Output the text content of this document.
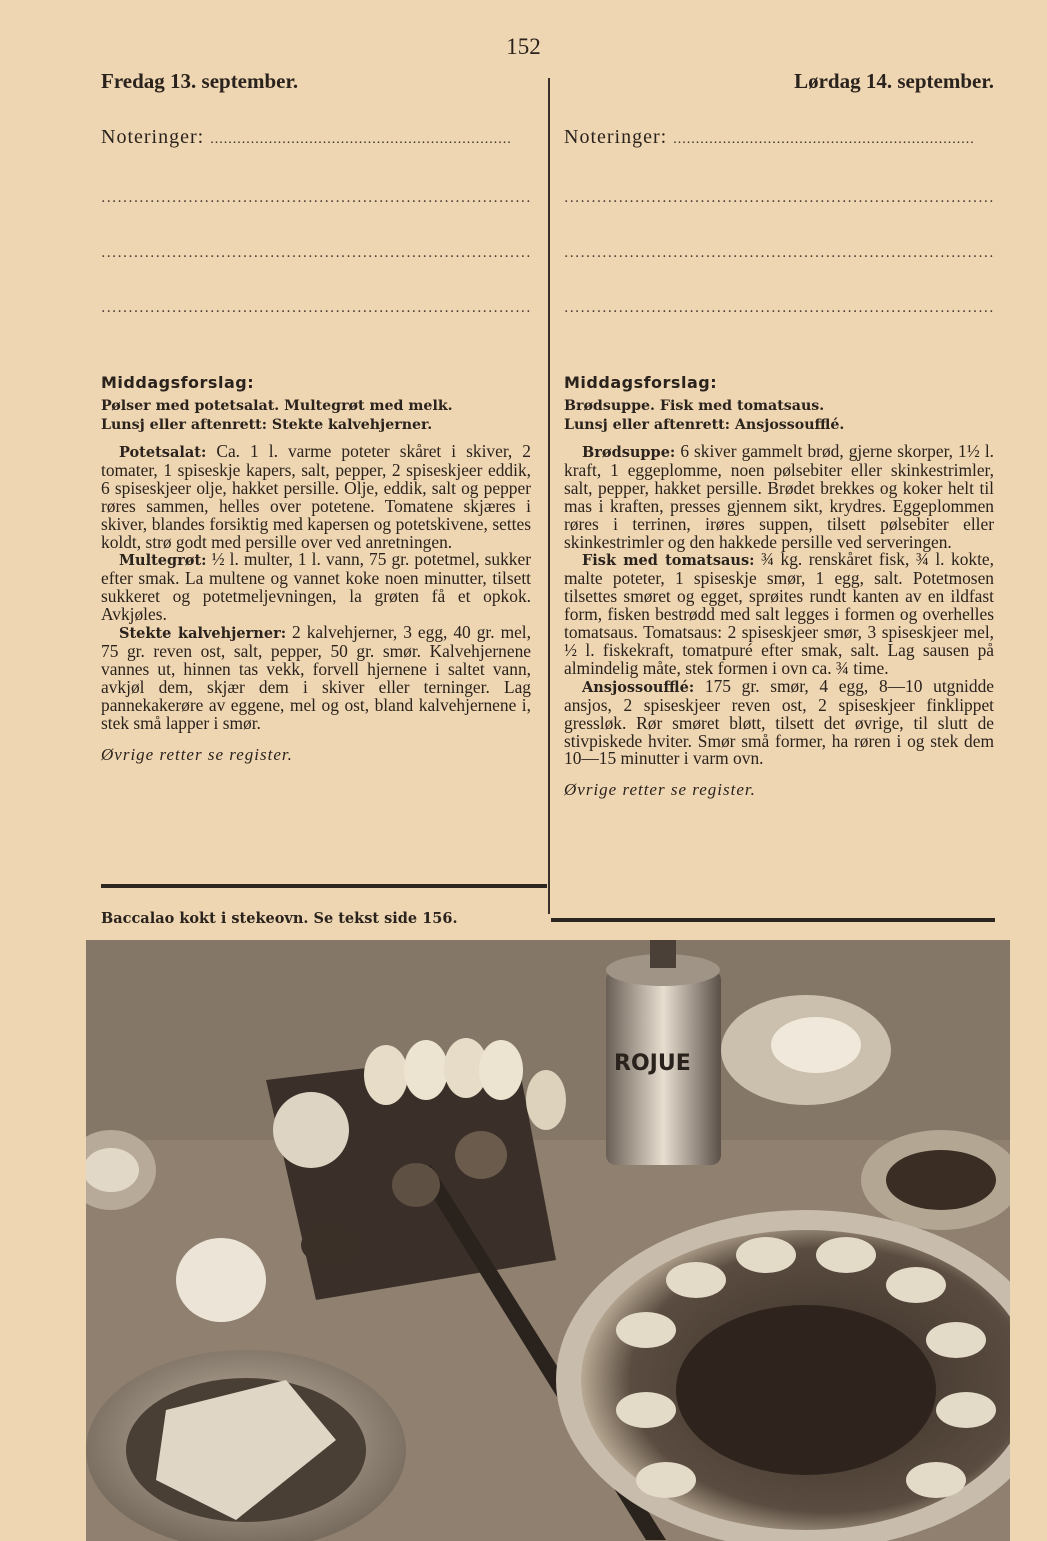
152
Fredag 13. september.
Noteringer: .....
.....
.....
.....
Middagsforslag:
Pølser med potetsalat. Multegrøt med melk.
Lunsj eller aftenrett: Stekte kalvehjerner.

Potetsalat: Ca. 1 l. varme poteter skåret i skiver, 2 tomater, 1 spiseskje kapers, salt, pepper, 2 spiseskjeer eddik, 6 spiseskjeer olje, hakket persille. Olje, eddik, salt og pepper røres sammen, helles over potetene. Tomatene skjæres i skiver, blandes forsiktig med kapersen og potetskivene, settes koldt, strø godt med persille over ved anretningen.

Multegrøt: ½ l. multer, 1 l. vann, 75 gr. potetmel, sukker efter smak. La multene og vannet koke noen minutter, tilsett sukkeret og potetmeljevningen, la grøten få et opkok. Avkjøles.

Stekte kalvehjerner: 2 kalvehjerner, 3 egg, 40 gr. mel, 75 gr. reven ost, salt, pepper, 50 gr. smør. Kalvehjernene vannes ut, hinnen tas vekk, forvell hjernene i saltet vann, avkjøl dem, skjær dem i skiver eller terninger. Lag pannekakerøre av eggene, mel og ost, bland kalvehjernene i, stek små lapper i smør.

Øvrige retter se register.
Lørdag 14. september.
Noteringer: .....
.....
.....
.....
Middagsforslag:
Brødsuppe. Fisk med tomatsaus.
Lunsj eller aftenrett: Ansjossoufflé.

Brødsuppe: 6 skiver gammelt brød, gjerne skorper, 1½ l. kraft, 1 eggeplomme, noen pølsebiter eller skinkestrimler, salt, pepper, hakket persille. Brødet brekkes og koker helt til mas i kraften, presses gjennem sikt, krydres. Eggeplommen røres i terrinen, irøres suppen, tilsett pølsebiter eller skinkestrimler og den hakkede persille ved serveringen.

Fisk med tomatsaus: ¾ kg. renskåret fisk, ¾ l. kokte, malte poteter, 1 spiseskje smør, 1 egg, salt. Potetmosen tilsettes smøret og egget, sprøites rundt kanten av en ildfast form, fisken bestrødd med salt legges i formen og overhelles tomatsaus. Tomatsaus: 2 spiseskjeer smør, 3 spiseskjeer mel, ½ l. fiskekraft, tomatpuré efter smak, salt. Lag sausen på almindelig måte, stek formen i ovn ca. ¾ time.

Ansjossoufflé: 175 gr. smør, 4 egg, 8—10 utgnidde ansjos, 2 spiseskjeer reven ost, 2 spiseskjeer finklippet gressløk. Rør smøret bløtt, tilsett det øvrige, til slutt de stivpiskede hviter. Smør små former, ha røren i og stek dem 10—15 minutter i varm ovn.

Øvrige retter se register.
Baccalao kokt i stekeovn. Se tekst side 156.
ROJUE
